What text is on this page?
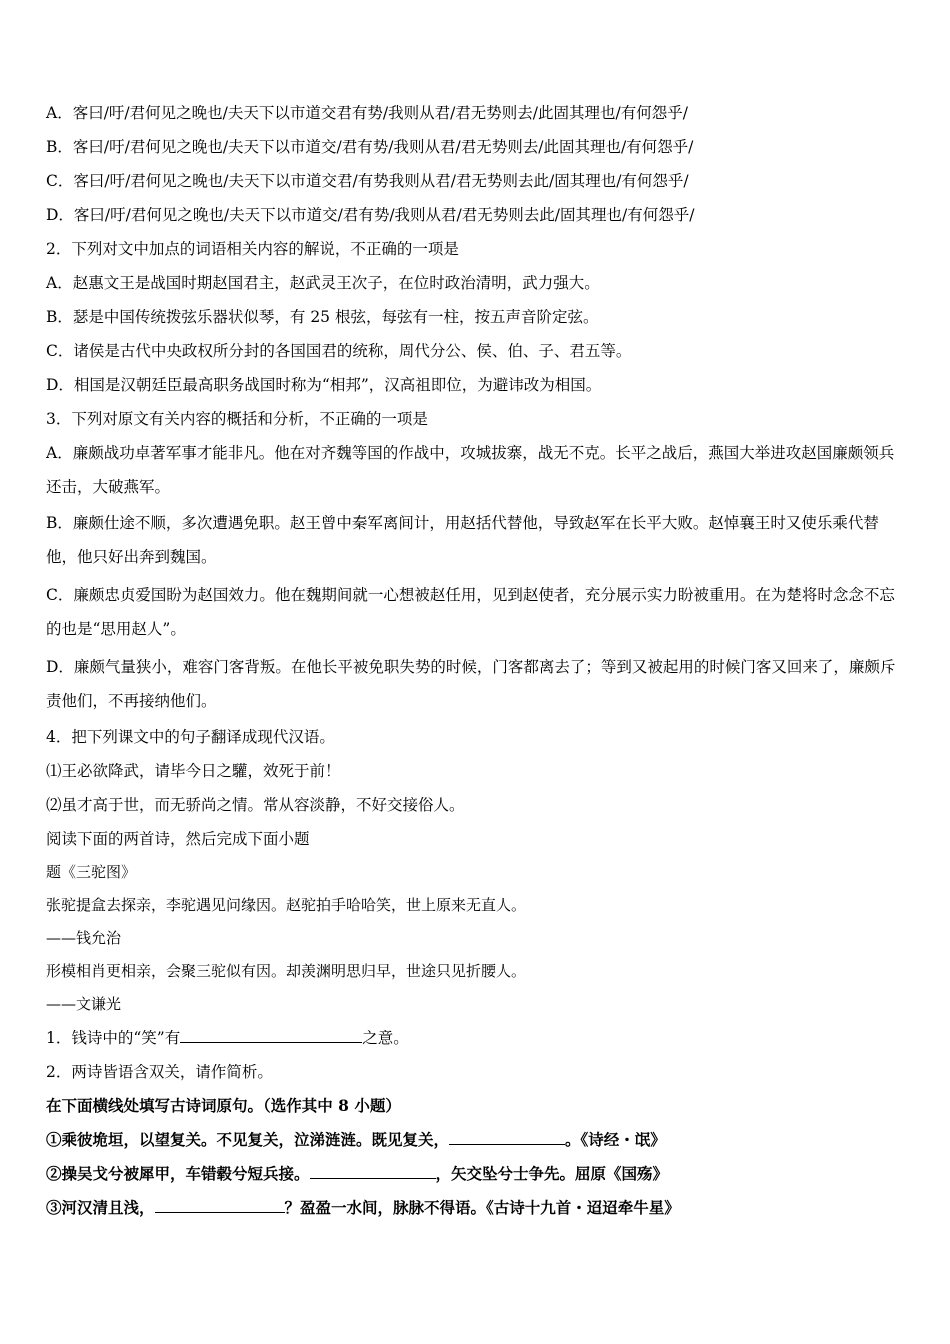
A．客曰/吁/君何见之晚也/夫天下以市道交君有势/我则从君/君无势则去/此固其理也/有何怨乎/
B．客曰/吁/君何见之晚也/夫天下以市道交/君有势/我则从君/君无势则去/此固其理也/有何怨乎/
C．客曰/吁/君何见之晚也/夫天下以市道交君/有势我则从君/君无势则去此/固其理也/有何怨乎/
D．客曰/吁/君何见之晚也/夫天下以市道交/君有势/我则从君/君无势则去此/固其理也/有何怨乎/
2．下列对文中加点的词语相关内容的解说，不正确的一项是
A．赵惠文王是战国时期赵国君主，赵武灵王次子，在位时政治清明，武力强大。
B．瑟是中国传统拨弦乐器状似琴，有 25 根弦，每弦有一柱，按五声音阶定弦。
C．诸侯是古代中央政权所分封的各国国君的统称，周代分公、侯、伯、子、君五等。
D．相国是汉朝廷臣最高职务战国时称为“相邦”，汉高祖即位，为避讳改为相国。
3．下列对原文有关内容的概括和分析，不正确的一项是
A．廉颇战功卓著军事才能非凡。他在对齐魏等国的作战中，攻城拔寨，战无不克。长平之战后，燕国大举进攻赵国廉颇领兵还击，大破燕军。
B．廉颇仕途不顺，多次遭遇免职。赵王曾中秦军离间计，用赵括代替他，导致赵军在长平大败。赵悼襄王时又使乐乘代替他，他只好出奔到魏国。
C．廉颇忠贞爱国盼为赵国效力。他在魏期间就一心想被赵任用，见到赵使者，充分展示实力盼被重用。在为楚将时念念不忘的也是“思用赵人”。
D．廉颇气量狭小，难容门客背叛。在他长平被免职失势的时候，门客都离去了；等到又被起用的时候门客又回来了，廉颇斥责他们，不再接纳他们。
4．把下列课文中的句子翻译成现代汉语。
⑴王必欲降武，请毕今日之驩，效死于前！
⑵虽才高于世，而无骄尚之情。常从容淡静，不好交接俗人。
阅读下面的两首诗，然后完成下面小题
题《三驼图》
张驼提盒去探亲，李驼遇见问缘因。赵驼拍手哈哈笑，世上原来无直人。
——钱允治
形模相肖更相亲，会聚三驼似有因。却羡渊明思归早，世途只见折腰人。
——文谦光
1．钱诗中的“笑”有	之意。
2．两诗皆语含双关，请作简析。
在下面横线处填写古诗词原句。（选作其中 8 小题）
①乘彼垝垣，以望复关。不见复关，泣涕涟涟。既见复关，	。《诗经・氓》
②操吴戈兮被犀甲，车错毂兮短兵接。	，矢交坠兮士争先。屈原《国殇》
③河汉清且浅，	？盈盈一水间，脉脉不得语。《古诗十九首・迢迢牵牛星》
